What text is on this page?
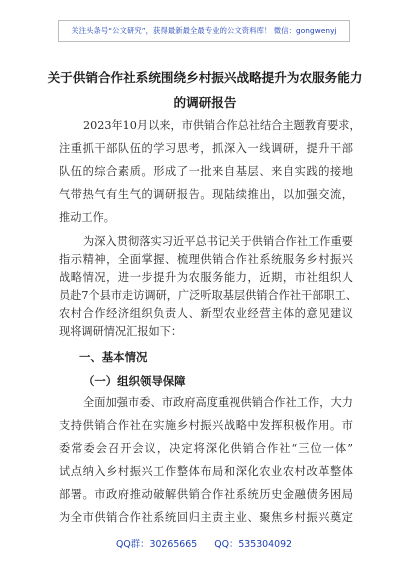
关注头条号“公文研究”，获得最新最全最专业的公文资料库！ 微信：gongwenyj
关于供销合作社系统围绕乡村振兴战略提升为农服务能力
的调研报告
2023年10月以来，市供销合作总社结合主题教育要求，
注重抓干部队伍的学习思考，抓深入一线调研，提升干部
队伍的综合素质。形成了一批来自基层、来自实践的接地
气带热气有生气的调研报告。现陆续推出，以加强交流，
推动工作。
为深入贯彻落实习近平总书记关于供销合作社工作重要
指示精神，全面掌握、梳理供销合作社系统服务乡村振兴
战略情况，进一步提升为农服务能力，近期，市社组织人
员赴7个县市走访调研，广泛听取基层供销合作社干部职工、
农村合作经济组织负责人、新型农业经营主体的意见建议
一、基本情况
（一）组织领导保障
全面加强市委、市政府高度重视供销合作社工作，大力
支持供销合作社在实施乡村振兴战略中发挥积极作用。市
委常委会召开会议，决定将深化供销合作社“三位一体”
试点纳入乡村振兴工作整体布局和深化农业农村改革整体
部署。市政府推动破解供销合作社系统历史金融债务困局
为全市供销合作社系统回归主责主业、聚焦乡村振兴奠定
QQ群：30265665 QQ：535304092
现将调研情况汇报如下：
